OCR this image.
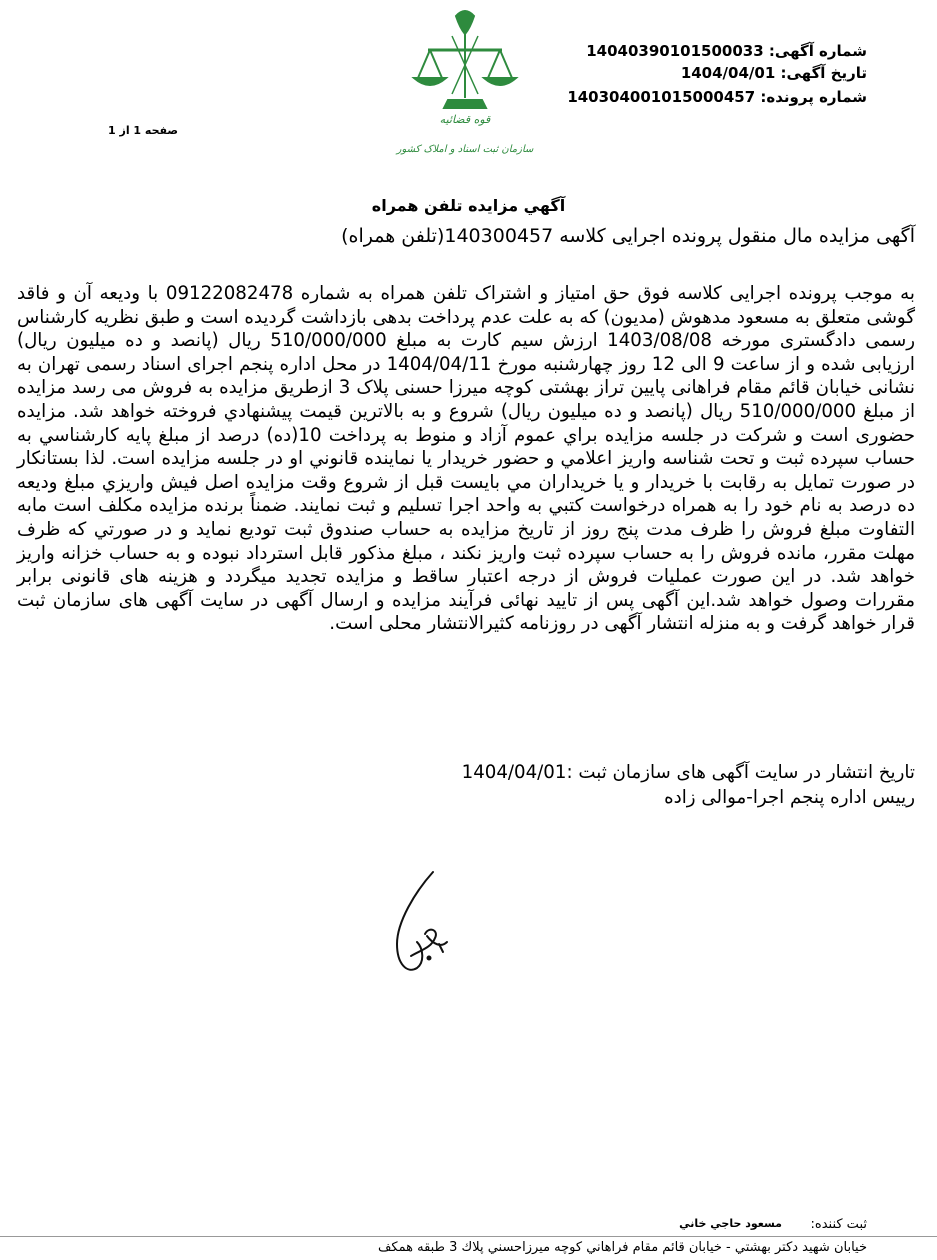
شماره آگهی: 14040390101500033
تاریخ آگهی: 1404/04/01
شماره پرونده: 140304001015000457
صفحه 1 از 1
قوه قضائیه
سازمان ثبت اسناد و املاک کشور
آگهي مزايده تلفن همراه
آگهی مزایده مال منقول پرونده اجرایی کلاسه 140300457(تلفن همراه)

به موجب پرونده اجرایی کلاسه فوق حق امتیاز و اشتراک تلفن همراه به شماره 09122082478 با ودیعه آن و فاقد گوشی متعلق به مسعود مدهوش (مدیون) که به علت عدم پرداخت بدهی بازداشت گردیده است و طبق نظریه کارشناس رسمی دادگستری مورخه 1403/08/08 ارزش سیم کارت به مبلغ 510/000/000 ریال (پانصد و ده میلیون ریال) ارزیابی شده و از ساعت 9 الی 12 روز چهارشنبه مورخ 1404/04/11 در محل اداره پنجم اجرای اسناد رسمی تهران به نشانی خیابان قائم مقام فراهانی پایین تراز بهشتی کوچه میرزا حسنی پلاک 3 ازطریق مزایده به فروش می رسد مزایده از مبلغ 510/000/000 ریال (پانصد و ده میلیون ریال) شروع و به بالاترين قيمت پيشنهادي فروخته خواهد شد. مزايده حضوری است و شرکت در جلسه مزايده براي عموم آزاد و منوط به پرداخت 10(ده) درصد از مبلغ پايه كارشناسي به حساب سپرده ثبت و تحت شناسه واريز اعلامي و حضور خريدار يا نماينده قانوني او در جلسه مزايده است. لذا بستانكار در صورت تمايل به رقابت با خريدار و يا خريداران مي بايست قبل از شروع وقت مزايده اصل فيش واريزي مبلغ وديعه ده درصد به نام خود را به همراه درخواست كتبي به واحد اجرا تسليم و ثبت نمايند. ضمناً برنده مزايده مكلف است مابه التفاوت مبلغ فروش را ظرف مدت پنج روز از تاريخ مزايده به حساب صندوق ثبت توديع نمايد و در صورتي كه ظرف مهلت مقرر، مانده فروش را به حساب سپرده ثبت واريز نكند ، مبلغ مذكور قابل استرداد نبوده و به حساب خزانه واريز خواهد شد. در این صورت عملیات فروش از درجه اعتبار ساقط و مزایده تجدید میگردد و هزینه های قانونی برابر مقررات وصول خواهد شد.این آگهی پس از تایید نهائی فرآیند مزایده و ارسال آگهی در سایت آگهی های سازمان ثبت قرار خواهد گرفت و به منزله انتشار آگهی در روزنامه كثيرالانتشار محلی است.

تاریخ انتشار در سایت آگهی های سازمان ثبت :1404/04/01
رییس اداره پنجم اجرا-موالی زاده
ثبت کننده:
مسعود حاجي خاني
خيابان شهيد دكتر بهشتي - خيابان قائم مقام فراهاني كوچه ميرزاحسني پلاك 3 طبقه همكف
